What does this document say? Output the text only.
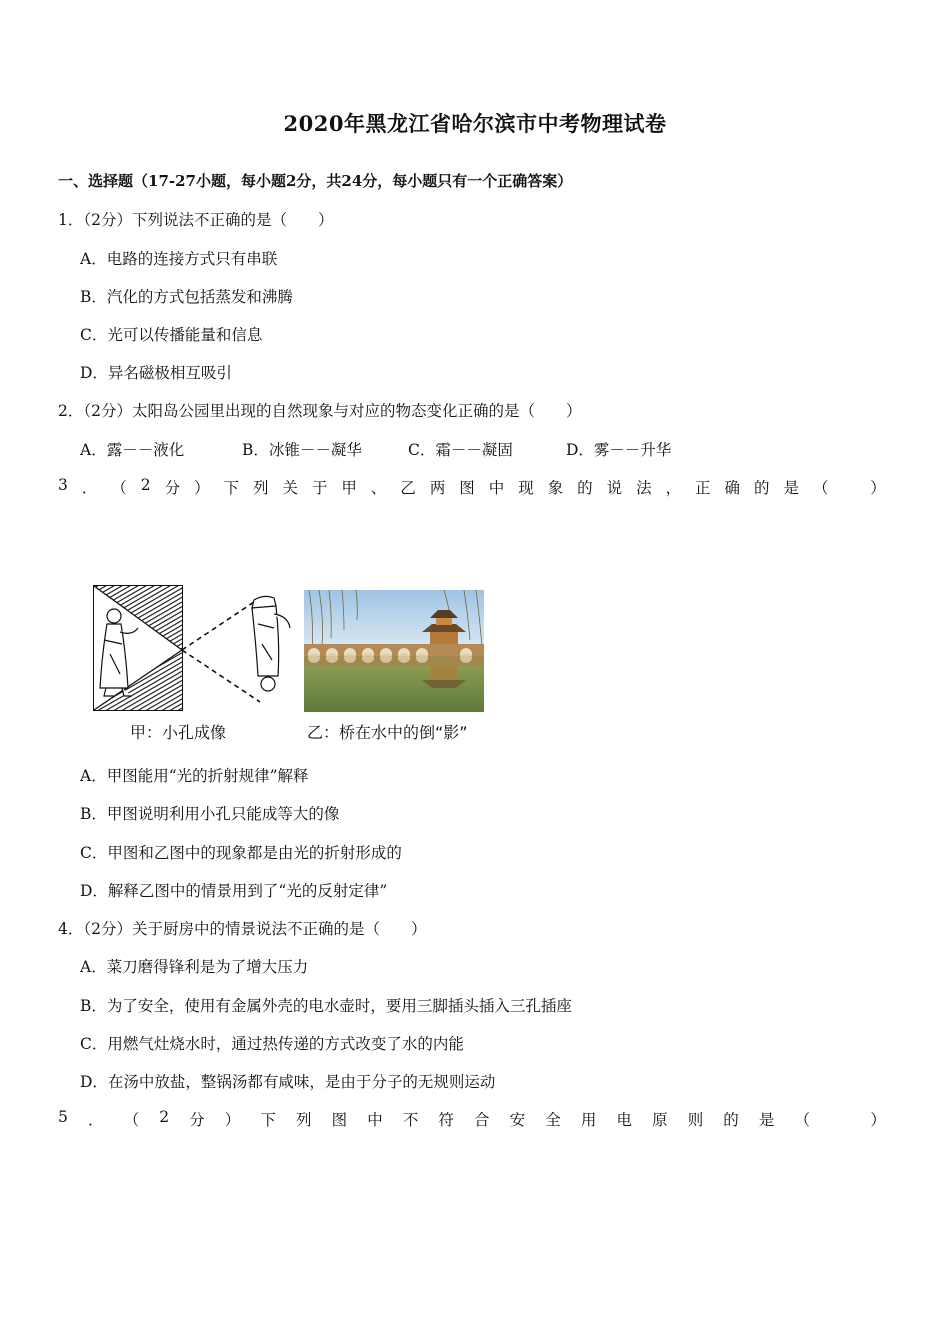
2020年黑龙江省哈尔滨市中考物理试卷
一、选择题（17-27小题，每小题2分，共24分，每小题只有一个正确答案）
1．（2分）下列说法不正确的是（　　）
A．电路的连接方式只有串联
B．汽化的方式包括蒸发和沸腾
C．光可以传播能量和信息
D．异名磁极相互吸引
2．（2分）太阳岛公园里出现的自然现象与对应的物态变化正确的是（　　）
A．露－－液化	B．冰锥－－凝华	C．霜－－凝固	D．雾－－升华
3 ． （ 2 分 ） 下 列 关 于 甲 、 乙 两 图 中 现 象 的 说 法 ， 正 确 的 是 （	）
甲：小孔成像	乙：桥在水中的倒“影”
A．甲图能用“光的折射规律”解释
B．甲图说明利用小孔只能成等大的像
C．甲图和乙图中的现象都是由光的折射形成的
D．解释乙图中的情景用到了“光的反射定律”
4．（2分）关于厨房中的情景说法不正确的是（　　）
A．菜刀磨得锋利是为了增大压力
B．为了安全，使用有金属外壳的电水壶时，要用三脚插头插入三孔插座
C．用燃气灶烧水时，通过热传递的方式改变了水的内能
D．在汤中放盐，整锅汤都有咸味，是由于分子的无规则运动
5 ． （ 2 分 ） 下 列 图 中 不 符 合 安 全 用 电 原 则 的 是 （	）
